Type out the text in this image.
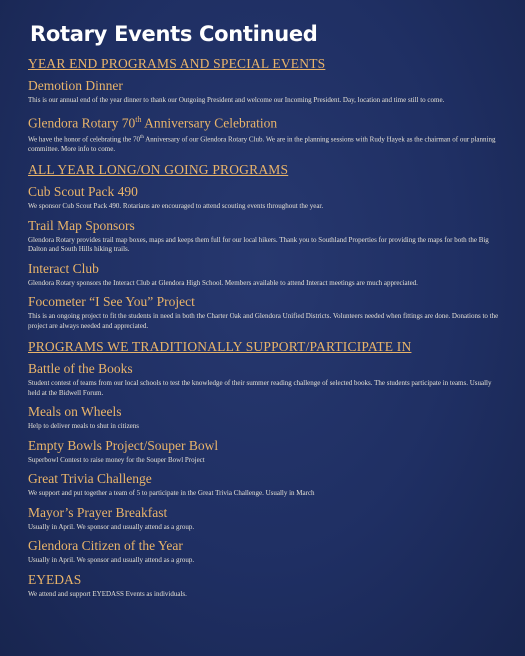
Rotary Events Continued
YEAR END PROGRAMS AND SPECIAL EVENTS
Demotion Dinner

This is our annual end of the year dinner to thank our Outgoing President and welcome our Incoming President. Day, location and time still to come.

Glendora Rotary 70th Anniversary Celebration

We have the honor of celebrating the 70th Anniversary of our Glendora Rotary Club. We are in the planning sessions with Rudy Hayek as the chairman of our planning committee. More info to come.

ALL YEAR LONG/ON GOING PROGRAMS
Cub Scout Pack 490

We sponsor Cub Scout Pack 490. Rotarians are encouraged to attend scouting events throughout the year.

Trail Map Sponsors

Glendora Rotary provides trail map boxes, maps and keeps them full for our local hikers. Thank you to Southland Properties for providing the maps for both the Big Dalton and South Hills hiking trails.

Interact Club

Glendora Rotary sponsors the Interact Club at Glendora High School. Members available to attend Interact meetings are much appreciated.

Focometer “I See You” Project

This is an ongoing project to fit the students in need in both the Charter Oak and Glendora Unified Districts. Volunteers needed when fittings are done. Donations to the project are always needed and appreciated.

PROGRAMS WE TRADITIONALLY SUPPORT/PARTICIPATE IN
Battle of the Books

Student contest of teams from our local schools to test the knowledge of their summer reading challenge of selected books. The students participate in teams. Usually held at the Bidwell Forum.

Meals on Wheels

Help to deliver meals to shut in citizens

Empty Bowls Project/Souper Bowl

Superbowl Contest to raise money for the Souper Bowl Project

Great Trivia Challenge

We support and put together a team of 5 to participate in the Great Trivia Challenge. Usually in March

Mayor’s Prayer Breakfast

Usually in April. We sponsor and usually attend as a group.

Glendora Citizen of the Year

Usually in April. We sponsor and usually attend as a group.

EYEDAS

We attend and support EYEDASS Events as individuals.
